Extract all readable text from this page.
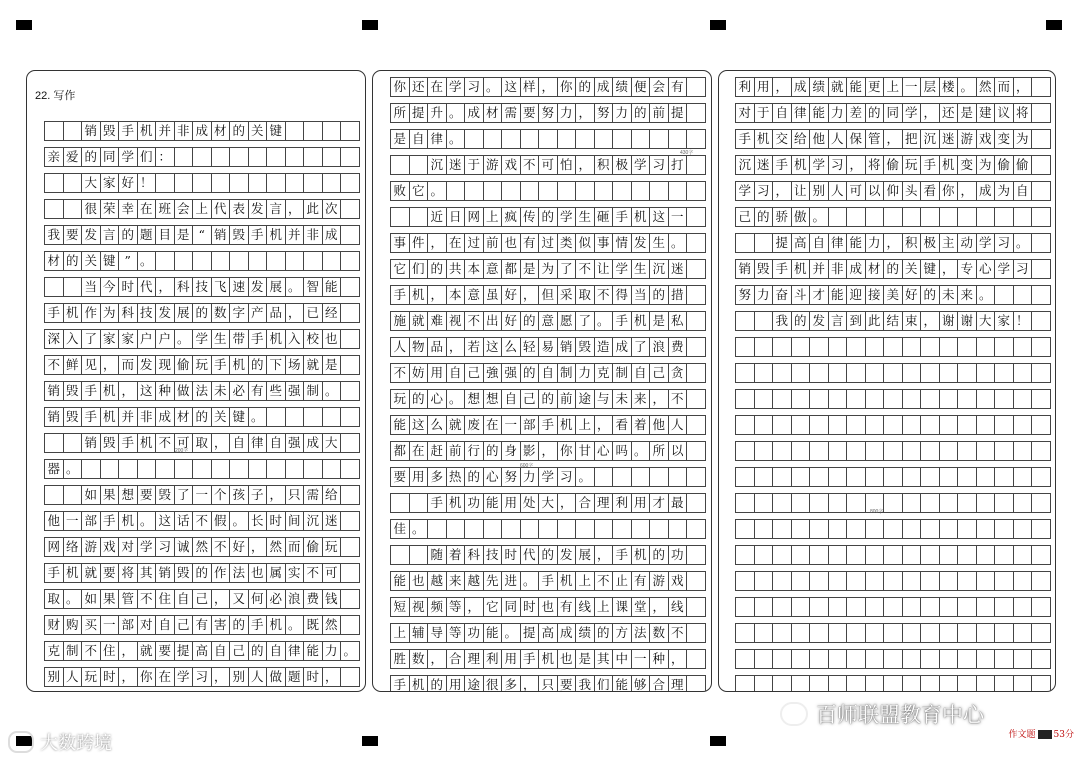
22. 写作
销 毁 手 机 并 非 成 材 的 关 键
亲 爱 的 同 学 们 ：
大 家 好 ！
很 荣 幸 在 班 会 上 代 表 发 言 ， 此 次
我 要 发 言 的 题 目 是 “ 销 毁 手 机 并 非 成
材 的 关 键 ” 。
当 今 时 代 ， 科 技 飞 速 发 展 。 智 能
手 机 作 为 科 技 发 展 的 数 字 产 品 ， 已 经
深 入 了 家 家 户 户 。 学 生 带 手 机 入 校 也
不 鲜 见 ， 而 发 现 偷 玩 手 机 的 下 场 就 是
销 毁 手 机 ， 这 种 做 法 未 必 有 些 强 制 。
销 毁 手 机 并 非 成 材 的 关 键 。
销 毁 手 机 不 可 取 ， 自 律 自 强 成 大
器 。
如 果 想 要 毁 了 一 个 孩 子 ， 只 需 给
他 一 部 手 机 。 这 话 不 假 。 长 时 间 沉 迷
网 络 游 戏 对 学 习 诚 然 不 好 ， 然 而 偷 玩
手 机 就 要 将 其 销 毁 的 作 法 也 属 实 不 可
取 。 如 果 管 不 住 自 己 ， 又 何 必 浪 费 钱
财 购 买 一 部 对 自 己 有 害 的 手 机 。 既 然
克 制 不 住 ， 就 要 提 高 自 己 的 自 律 能 力 。
别 人 玩 时 ， 你 在 学 习 ， 别 人 做 题 时 ，
你 还 在 学 习 。 这 样 ， 你 的 成 绩 便 会 有
所 提 升 。 成 材 需 要 努 力 ， 努 力 的 前 提
是 自 律 。
沉 迷 于 游 戏 不 可 怕 ， 积 极 学 习 打
败 它 。
近 日 网 上 疯 传 的 学 生 砸 手 机 这 一
事 件 ， 在 过 前 也 有 过 类 似 事 情 发 生 。
它 们 的 共 本 意 都 是 为 了 不 让 学 生 沉 迷
手 机 ， 本 意 虽 好 ， 但 采 取 不 得 当 的 措
施 就 难 视 不 出 好 的 意 愿 了 。 手 机 是 私
人 物 品 ， 若 这 么 轻 易 销 毁 造 成 了 浪 费
不 妨 用 自 己 強 强 的 自 制 力 克 制 自 己 贪
玩 的 心 。 想 想 自 己 的 前 途 与 未 来 ， 不
能 这 么 就 废 在 一 部 手 机 上 ， 看 着 他 人
都 在 赶 前 行 的 身 影 ， 你 甘 心 吗 。 所 以
要 用 多 热 的 心 努 力 学 习 。
手 机 功 能 用 处 大 ， 合 理 利 用 才 最
佳 。
随 着 科 技 时 代 的 发 展 ， 手 机 的 功
能 也 越 来 越 先 进 。 手 机 上 不 止 有 游 戏
短 视 频 等 ， 它 同 时 也 有 线 上 课 堂 ， 线
上 辅 导 等 功 能 。 提 高 成 绩 的 方 法 数 不
胜 数 ， 合 理 利 用 手 机 也 是 其 中 一 种 ，
手 机 的 用 途 很 多 ， 只 要 我 们 能 够 合 理
利 用 ， 成 绩 就 能 更 上 一 层 楼 。 然 而 ，
对 于 自 律 能 力 差 的 同 学 ， 还 是 建 议 将
手 机 交 给 他 人 保 管 ， 把 沉 迷 游 戏 变 为
沉 迷 手 机 学 习 ， 将 偷 玩 手 机 变 为 偷 偷
学 习 ， 让 别 人 可 以 仰 头 看 你 ， 成 为 自
己 的 骄 傲 。
提 高 自 律 能 力 ， 积 极 主 动 学 习 。
销 毁 手 机 并 非 成 材 的 关 键 ， 专 心 学 习
努 力 奋 斗 才 能 迎 接 美 好 的 未 来 。
我 的 发 言 到 此 结 束 ， 谢 谢 大 家 ！
200字
430字
600字
800字
大数跨境
百师联盟教育中心
作文题 53分
